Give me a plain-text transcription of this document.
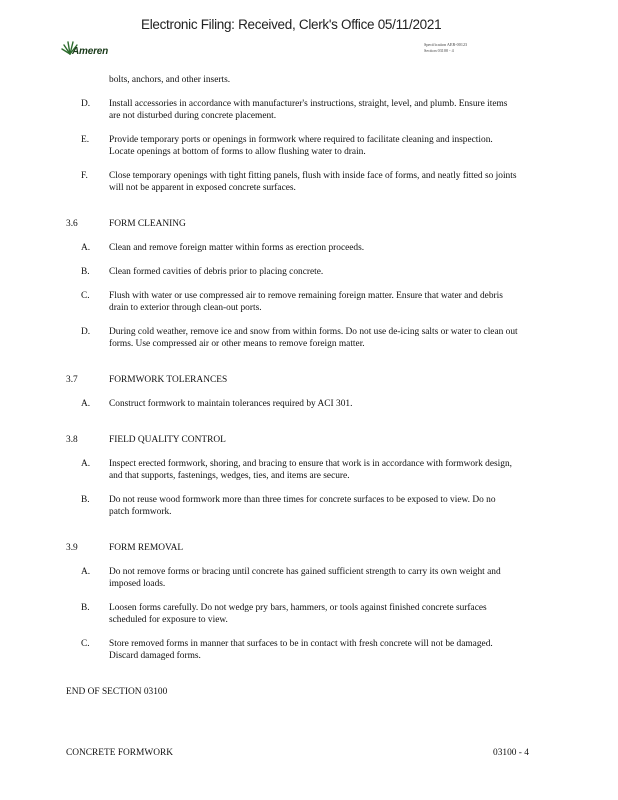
Electronic Filing: Received, Clerk's Office 05/11/2021
Ameren
Specification AER-00123
Section 03100 - 4
bolts, anchors, and other inserts.
D. Install accessories in accordance with manufacturer's instructions, straight, level, and plumb. Ensure items
are not disturbed during concrete placement.
E. Provide temporary ports or openings in formwork where required to facilitate cleaning and inspection.
Locate openings at bottom of forms to allow flushing water to drain.
F. Close temporary openings with tight fitting panels, flush with inside face of forms, and neatly fitted so joints
will not be apparent in exposed concrete surfaces.
3.6	FORM CLEANING
A. Clean and remove foreign matter within forms as erection proceeds.
B. Clean formed cavities of debris prior to placing concrete.
C. Flush with water or use compressed air to remove remaining foreign matter. Ensure that water and debris
drain to exterior through clean-out ports.
D. During cold weather, remove ice and snow from within forms. Do not use de-icing salts or water to clean out
forms. Use compressed air or other means to remove foreign matter.
3.7	FORMWORK TOLERANCES
A. Construct formwork to maintain tolerances required by ACI 301.
3.8	FIELD QUALITY CONTROL
A. Inspect erected formwork, shoring, and bracing to ensure that work is in accordance with formwork design,
and that supports, fastenings, wedges, ties, and items are secure.
B. Do not reuse wood formwork more than three times for concrete surfaces to be exposed to view. Do no
patch formwork.
3.9	FORM REMOVAL
A. Do not remove forms or bracing until concrete has gained sufficient strength to carry its own weight and
imposed loads.
B. Loosen forms carefully. Do not wedge pry bars, hammers, or tools against finished concrete surfaces
scheduled for exposure to view.
C. Store removed forms in manner that surfaces to be in contact with fresh concrete will not be damaged.
Discard damaged forms.
END OF SECTION 03100
CONCRETE FORMWORK	03100 - 4
